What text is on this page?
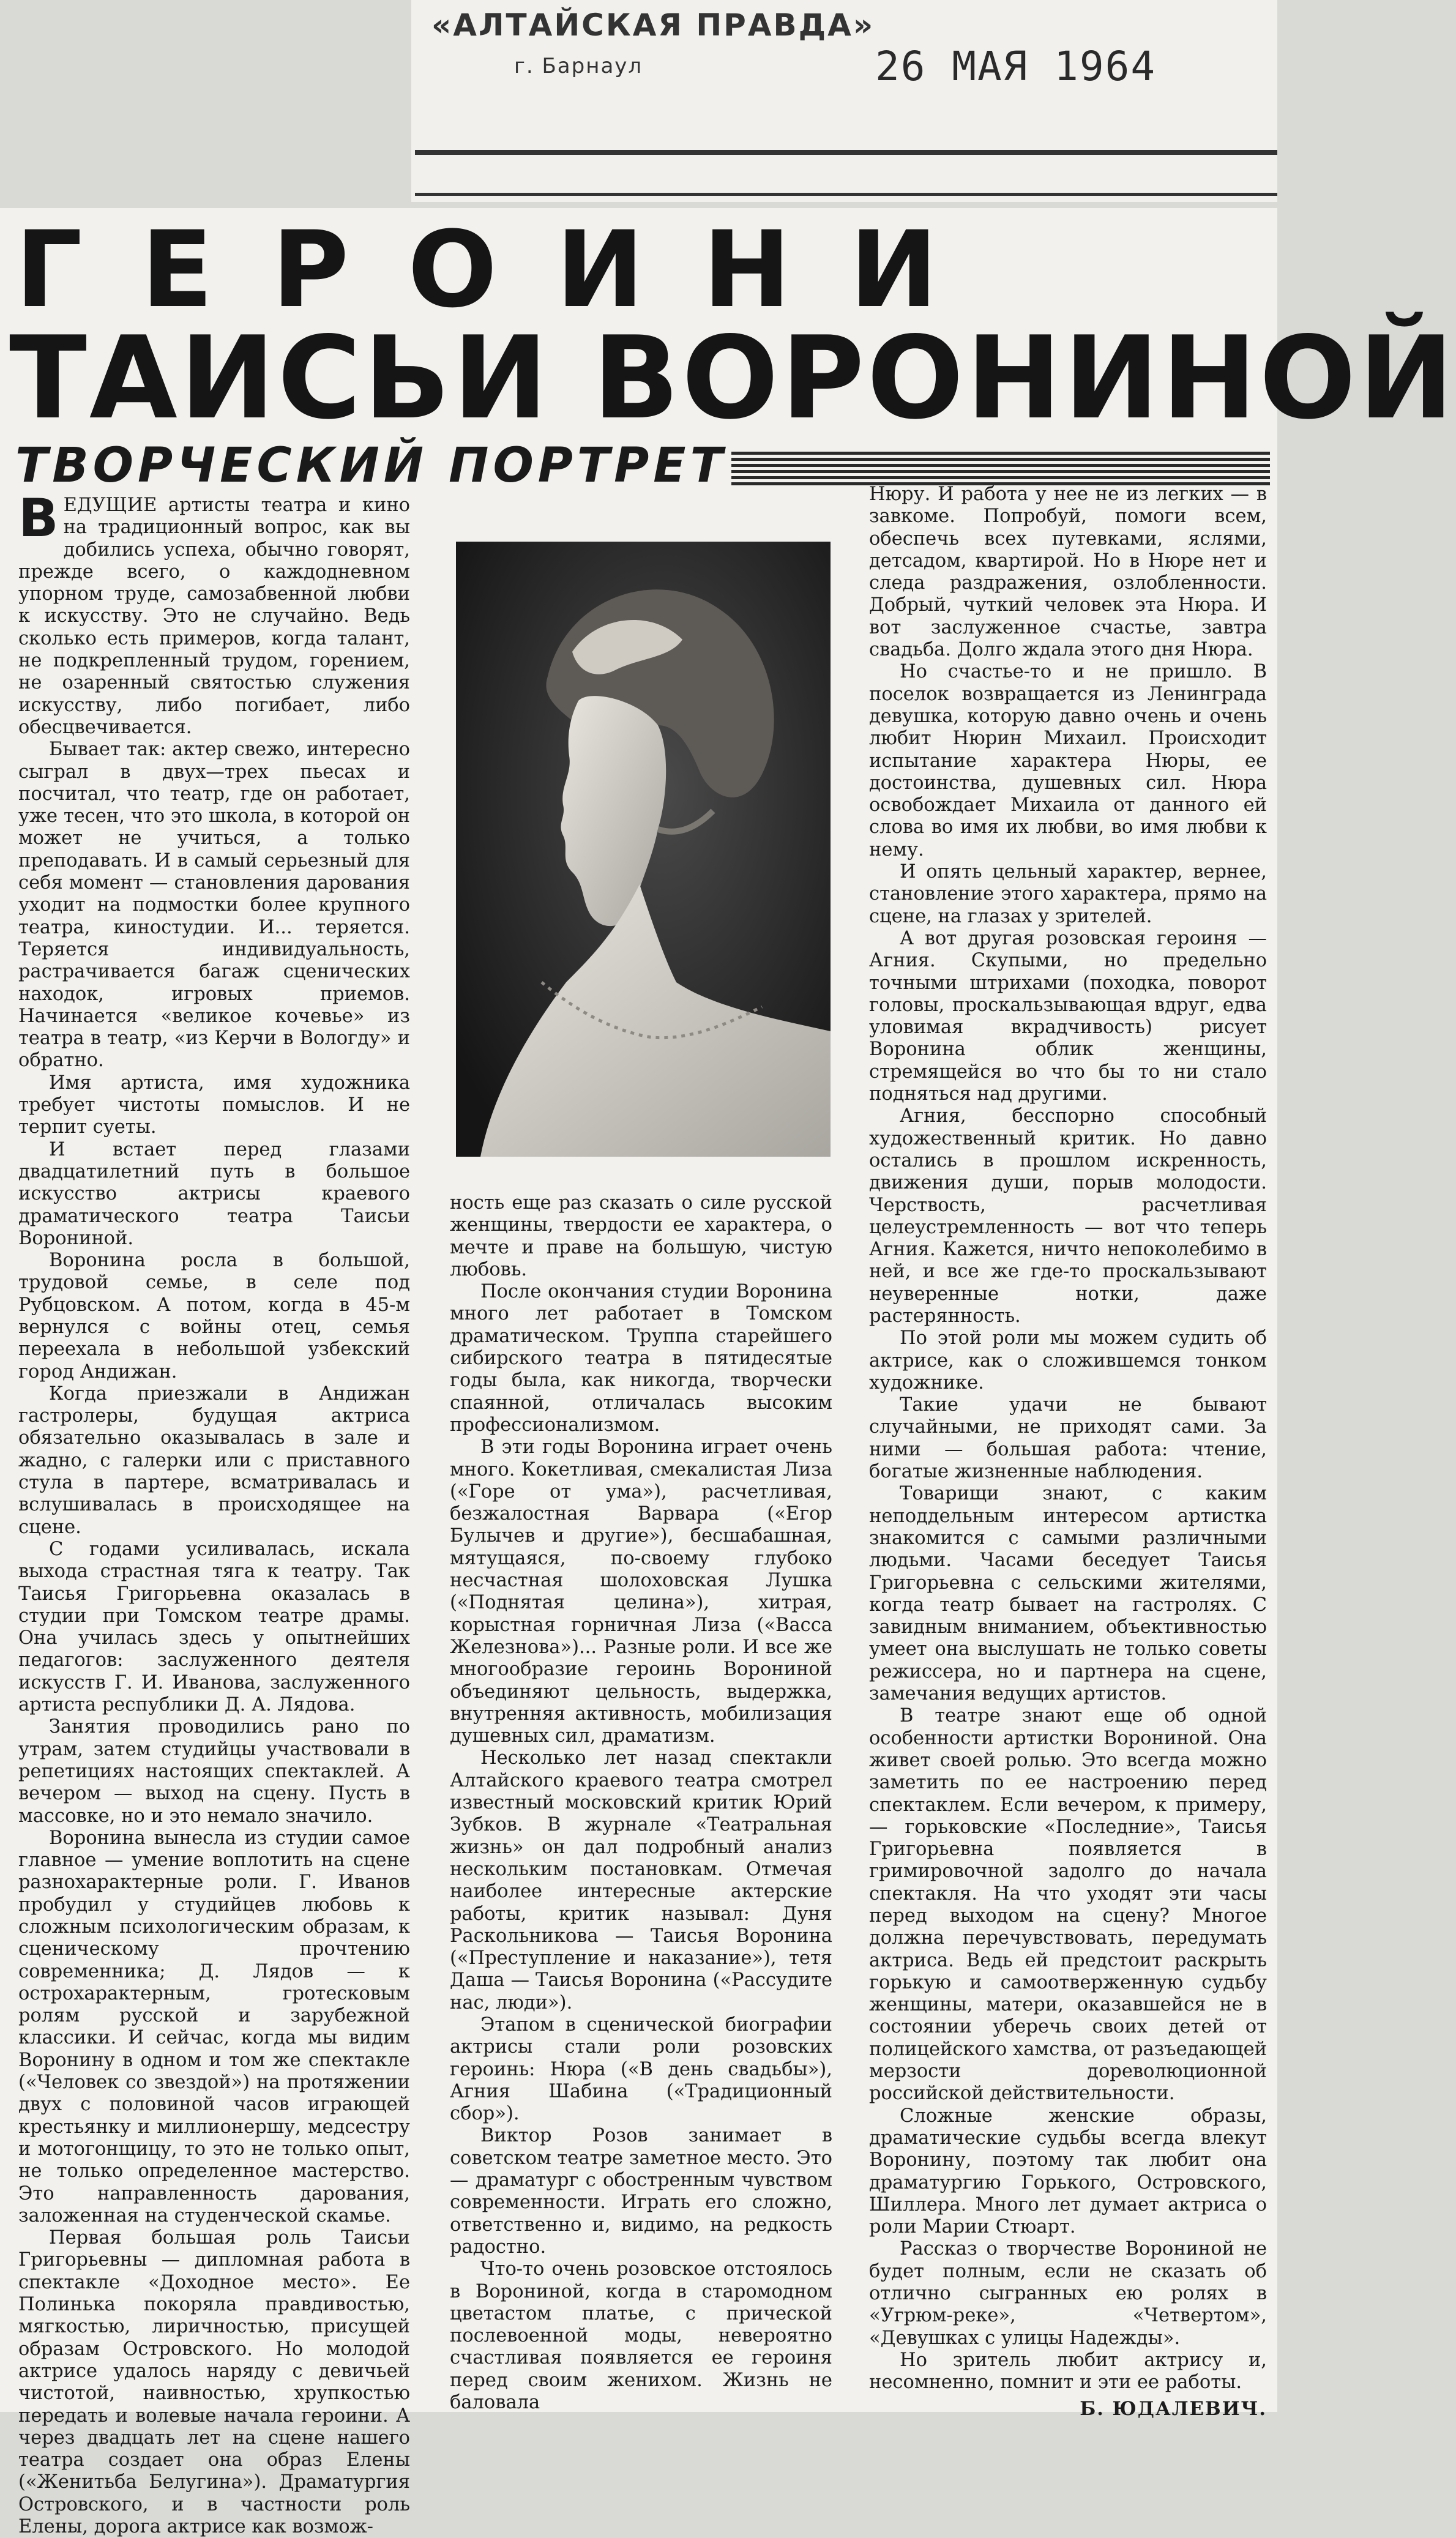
«АЛТАЙСКАЯ ПРАВДА»
г. Барнаул	26 МАЯ 1964
ГЕРОИНИ
ТАИСЬИ ВОРОНИНОЙ
ТВОРЧЕСКИЙ ПОРТРЕТ

ВЕДУЩИЕ артисты театра и кино на традиционный вопрос, как вы добились успеха, обычно говорят, прежде всего, о каждодневном упорном труде, самозабвенной любви к искусству. Это не случайно. Ведь сколько есть примеров, когда талант, не подкрепленный трудом, горением, не озаренный святостью служения искусству, либо погибает, либо обесцвечивается.

Бывает так: актер свежо, интересно сыграл в двух—трех пьесах и посчитал, что театр, где он работает, уже тесен, что это школа, в которой он может не учиться, а только преподавать. И в самый серьезный для себя момент — становления дарования уходит на подмостки более крупного театра, киностудии. И... теряется. Теряется индивидуальность, растрачивается багаж сценических находок, игровых приемов. Начинается «великое кочевье» из театра в театр, «из Керчи в Вологду» и обратно.

Имя артиста, имя художника требует чистоты помыслов. И не терпит суеты.

И встает перед глазами двадцатилетний путь в большое искусство актрисы краевого драматического театра Таисьи Ворониной.

Воронина росла в большой, трудовой семье, в селе под Рубцовском. А потом, когда в 45-м вернулся с войны отец, семья переехала в небольшой узбекский город Андижан.

Когда приезжали в Андижан гастролеры, будущая актриса обязательно оказывалась в зале и жадно, с галерки или с приставного стула в партере, всматривалась и вслушивалась в происходящее на сцене.

С годами усиливалась, искала выхода страстная тяга к театру. Так Таисья Григорьевна оказалась в студии при Томском театре драмы. Она училась здесь у опытнейших педагогов: заслуженного деятеля искусств Г. И. Иванова, заслуженного артиста республики Д. А. Лядова.

Занятия проводились рано по утрам, затем студийцы участвовали в репетициях настоящих спектаклей. А вечером — выход на сцену. Пусть в массовке, но и это немало значило.

Воронина вынесла из студии самое главное — умение воплотить на сцене разнохарактерные роли. Г. Иванов пробудил у студийцев любовь к сложным психологическим образам, к сценическому прочтению современника; Д. Лядов — к острохарактерным, гротесковым ролям русской и зарубежной классики. И сейчас, когда мы видим Воронину в одном и том же спектакле («Человек со звездой») на протяжении двух с половиной часов играющей крестьянку и миллионершу, медсестру и мотогонщицу, то это не только опыт, не только определенное мастерство. Это направленность дарования, заложенная на студенческой скамье.

Первая большая роль Таисьи Григорьевны — дипломная работа в спектакле «Доходное место». Ее Полинька покоряла правдивостью, мягкостью, лиричностью, присущей образам Островского. Но молодой актрисе удалось наряду с девичьей чистотой, наивностью, хрупкостью передать и волевые начала героини. А через двадцать лет на сцене нашего театра создает она образ Елены («Женитьба Белугина»). Драматургия Островского, и в частности роль Елены, дорога актрисе как возмож-

ность еще раз сказать о силе русской женщины, твердости ее характера, о мечте и праве на большую, чистую любовь.

После окончания студии Воронина много лет работает в Томском драматическом. Труппа старейшего сибирского театра в пятидесятые годы была, как никогда, творчески спаянной, отличалась высоким профессионализмом.

В эти годы Воронина играет очень много. Кокетливая, смекалистая Лиза («Горе от ума»), расчетливая, безжалостная Варвара («Егор Булычев и другие»), бесшабашная, мятущаяся, по-своему глубоко несчастная шолоховская Лушка («Поднятая целина»), хитрая, корыстная горничная Лиза («Васса Железнова»)... Разные роли. И все же многообразие героинь Ворониной объединяют цельность, выдержка, внутренняя активность, мобилизация душевных сил, драматизм.

Несколько лет назад спектакли Алтайского краевого театра смотрел известный московский критик Юрий Зубков. В журнале «Театральная жизнь» он дал подробный анализ нескольким постановкам. Отмечая наиболее интересные актерские работы, критик называл: Дуня Раскольникова — Таисья Воронина («Преступление и наказание»), тетя Даша — Таисья Воронина («Рассудите нас, люди»).

Этапом в сценической биографии актрисы стали роли розовских героинь: Нюра («В день свадьбы»), Агния Шабина («Традиционный сбор»).

Виктор Розов занимает в советском театре заметное место. Это — драматург с обостренным чувством современности. Играть его сложно, ответственно и, видимо, на редкость радостно.

Что-то очень розовское отстоялось в Ворониной, когда в старомодном цветастом платье, с прической послевоенной моды, невероятно счастливая появляется ее героиня перед своим женихом. Жизнь не баловала

Нюру. И работа у нее не из легких — в завкоме. Попробуй, помоги всем, обеспечь всех путевками, яслями, детсадом, квартирой. Но в Нюре нет и следа раздражения, озлобленности. Добрый, чуткий человек эта Нюра. И вот заслуженное счастье, завтра свадьба. Долго ждала этого дня Нюра.

Но счастье-то и не пришло. В поселок возвращается из Ленинграда девушка, которую давно очень и очень любит Нюрин Михаил. Происходит испытание характера Нюры, ее достоинства, душевных сил. Нюра освобождает Михаила от данного ей слова во имя их любви, во имя любви к нему.

И опять цельный характер, вернее, становление этого характера, прямо на сцене, на глазах у зрителей.

А вот другая розовская героиня — Агния. Скупыми, но предельно точными штрихами (походка, поворот головы, проскальзывающая вдруг, едва уловимая вкрадчивость) рисует Воронина облик женщины, стремящейся во что бы то ни стало подняться над другими.

Агния, бесспорно способный художественный критик. Но давно остались в прошлом искренность, движения души, порыв молодости. Черствость, расчетливая целеустремленность — вот что теперь Агния. Кажется, ничто непоколебимо в ней, и все же где-то проскальзывают неуверенные нотки, даже растерянность.

По этой роли мы можем судить об актрисе, как о сложившемся тонком художнике.

Такие удачи не бывают случайными, не приходят сами. За ними — большая работа: чтение, богатые жизненные наблюдения.

Товарищи знают, с каким неподдельным интересом артистка знакомится с самыми различными людьми. Часами беседует Таисья Григорьевна с сельскими жителями, когда театр бывает на гастролях. С завидным вниманием, объективностью умеет она выслушать не только советы режиссера, но и партнера на сцене, замечания ведущих артистов.

В театре знают еще об одной особенности артистки Ворониной. Она живет своей ролью. Это всегда можно заметить по ее настроению перед спектаклем. Если вечером, к примеру, — горьковские «Последние», Таисья Григорьевна появляется в гримировочной задолго до начала спектакля. На что уходят эти часы перед выходом на сцену? Многое должна перечувствовать, передумать актриса. Ведь ей предстоит раскрыть горькую и самоотверженную судьбу женщины, матери, оказавшейся не в состоянии уберечь своих детей от полицейского хамства, от разъедающей мерзости дореволюционной российской действительности.

Сложные женские образы, драматические судьбы всегда влекут Воронину, поэтому так любит она драматургию Горького, Островского, Шиллера. Много лет думает актриса о роли Марии Стюарт.

Рассказ о творчестве Ворониной не будет полным, если не сказать об отлично сыгранных ею ролях в «Угрюм-реке», «Четвертом», «Девушках с улицы Надежды».

Но зритель любит актрису и, несомненно, помнит и эти ее работы.

Б. ЮДАЛЕВИЧ.
